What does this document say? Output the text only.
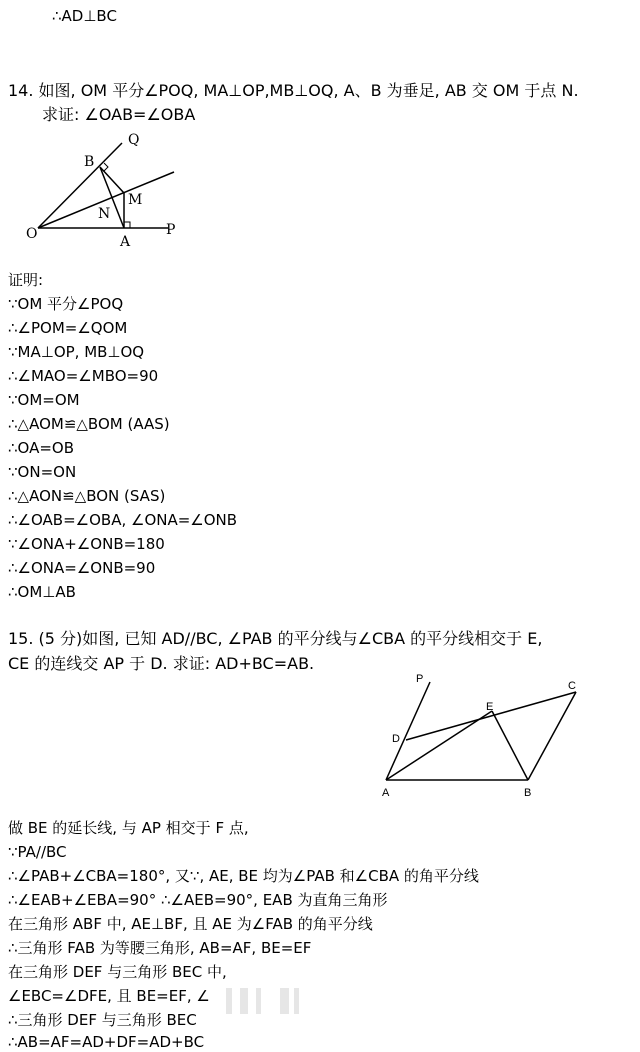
∴AD⊥BC
14. 如图, OM 平分∠POQ, MA⊥OP,MB⊥OQ, A、B 为垂足, AB 交 OM 于点 N.
求证: ∠OAB=∠OBA
Q
B
M
N
O	A
P
证明:
∵OM 平分∠POQ
∴∠POM=∠QOM
∵MA⊥OP, MB⊥OQ
∴∠MAO=∠MBO=90
∵OM=OM
∴△AOM≌△BOM (AAS)
∴OA=OB
∵ON=ON
∴△AON≌△BON (SAS)
∴∠OAB=∠OBA, ∠ONA=∠ONB
∵∠ONA+∠ONB=180
∴∠ONA=∠ONB=90
∴OM⊥AB
15. (5 分)如图, 已知 AD//BC, ∠PAB 的平分线与∠CBA 的平分线相交于 E,
CE 的连线交 AP 于 D. 求证: AD+BC=AB.
P
C
E
D
A	B
做 BE 的延长线, 与 AP 相交于 F 点,
∵PA//BC
∴∠PAB+∠CBA=180°, 又∵, AE, BE 均为∠PAB 和∠CBA 的角平分线
∴∠EAB+∠EBA=90° ∴∠AEB=90°, EAB 为直角三角形
在三角形 ABF 中, AE⊥BF, 且 AE 为∠FAB 的角平分线
∴三角形 FAB 为等腰三角形, AB=AF, BE=EF
在三角形 DEF 与三角形 BEC 中,
∠EBC=∠DFE, 且 BE=EF, ∠
∴三角形 DEF 与三角形 BEC
∴AB=AF=AD+DF=AD+BC
